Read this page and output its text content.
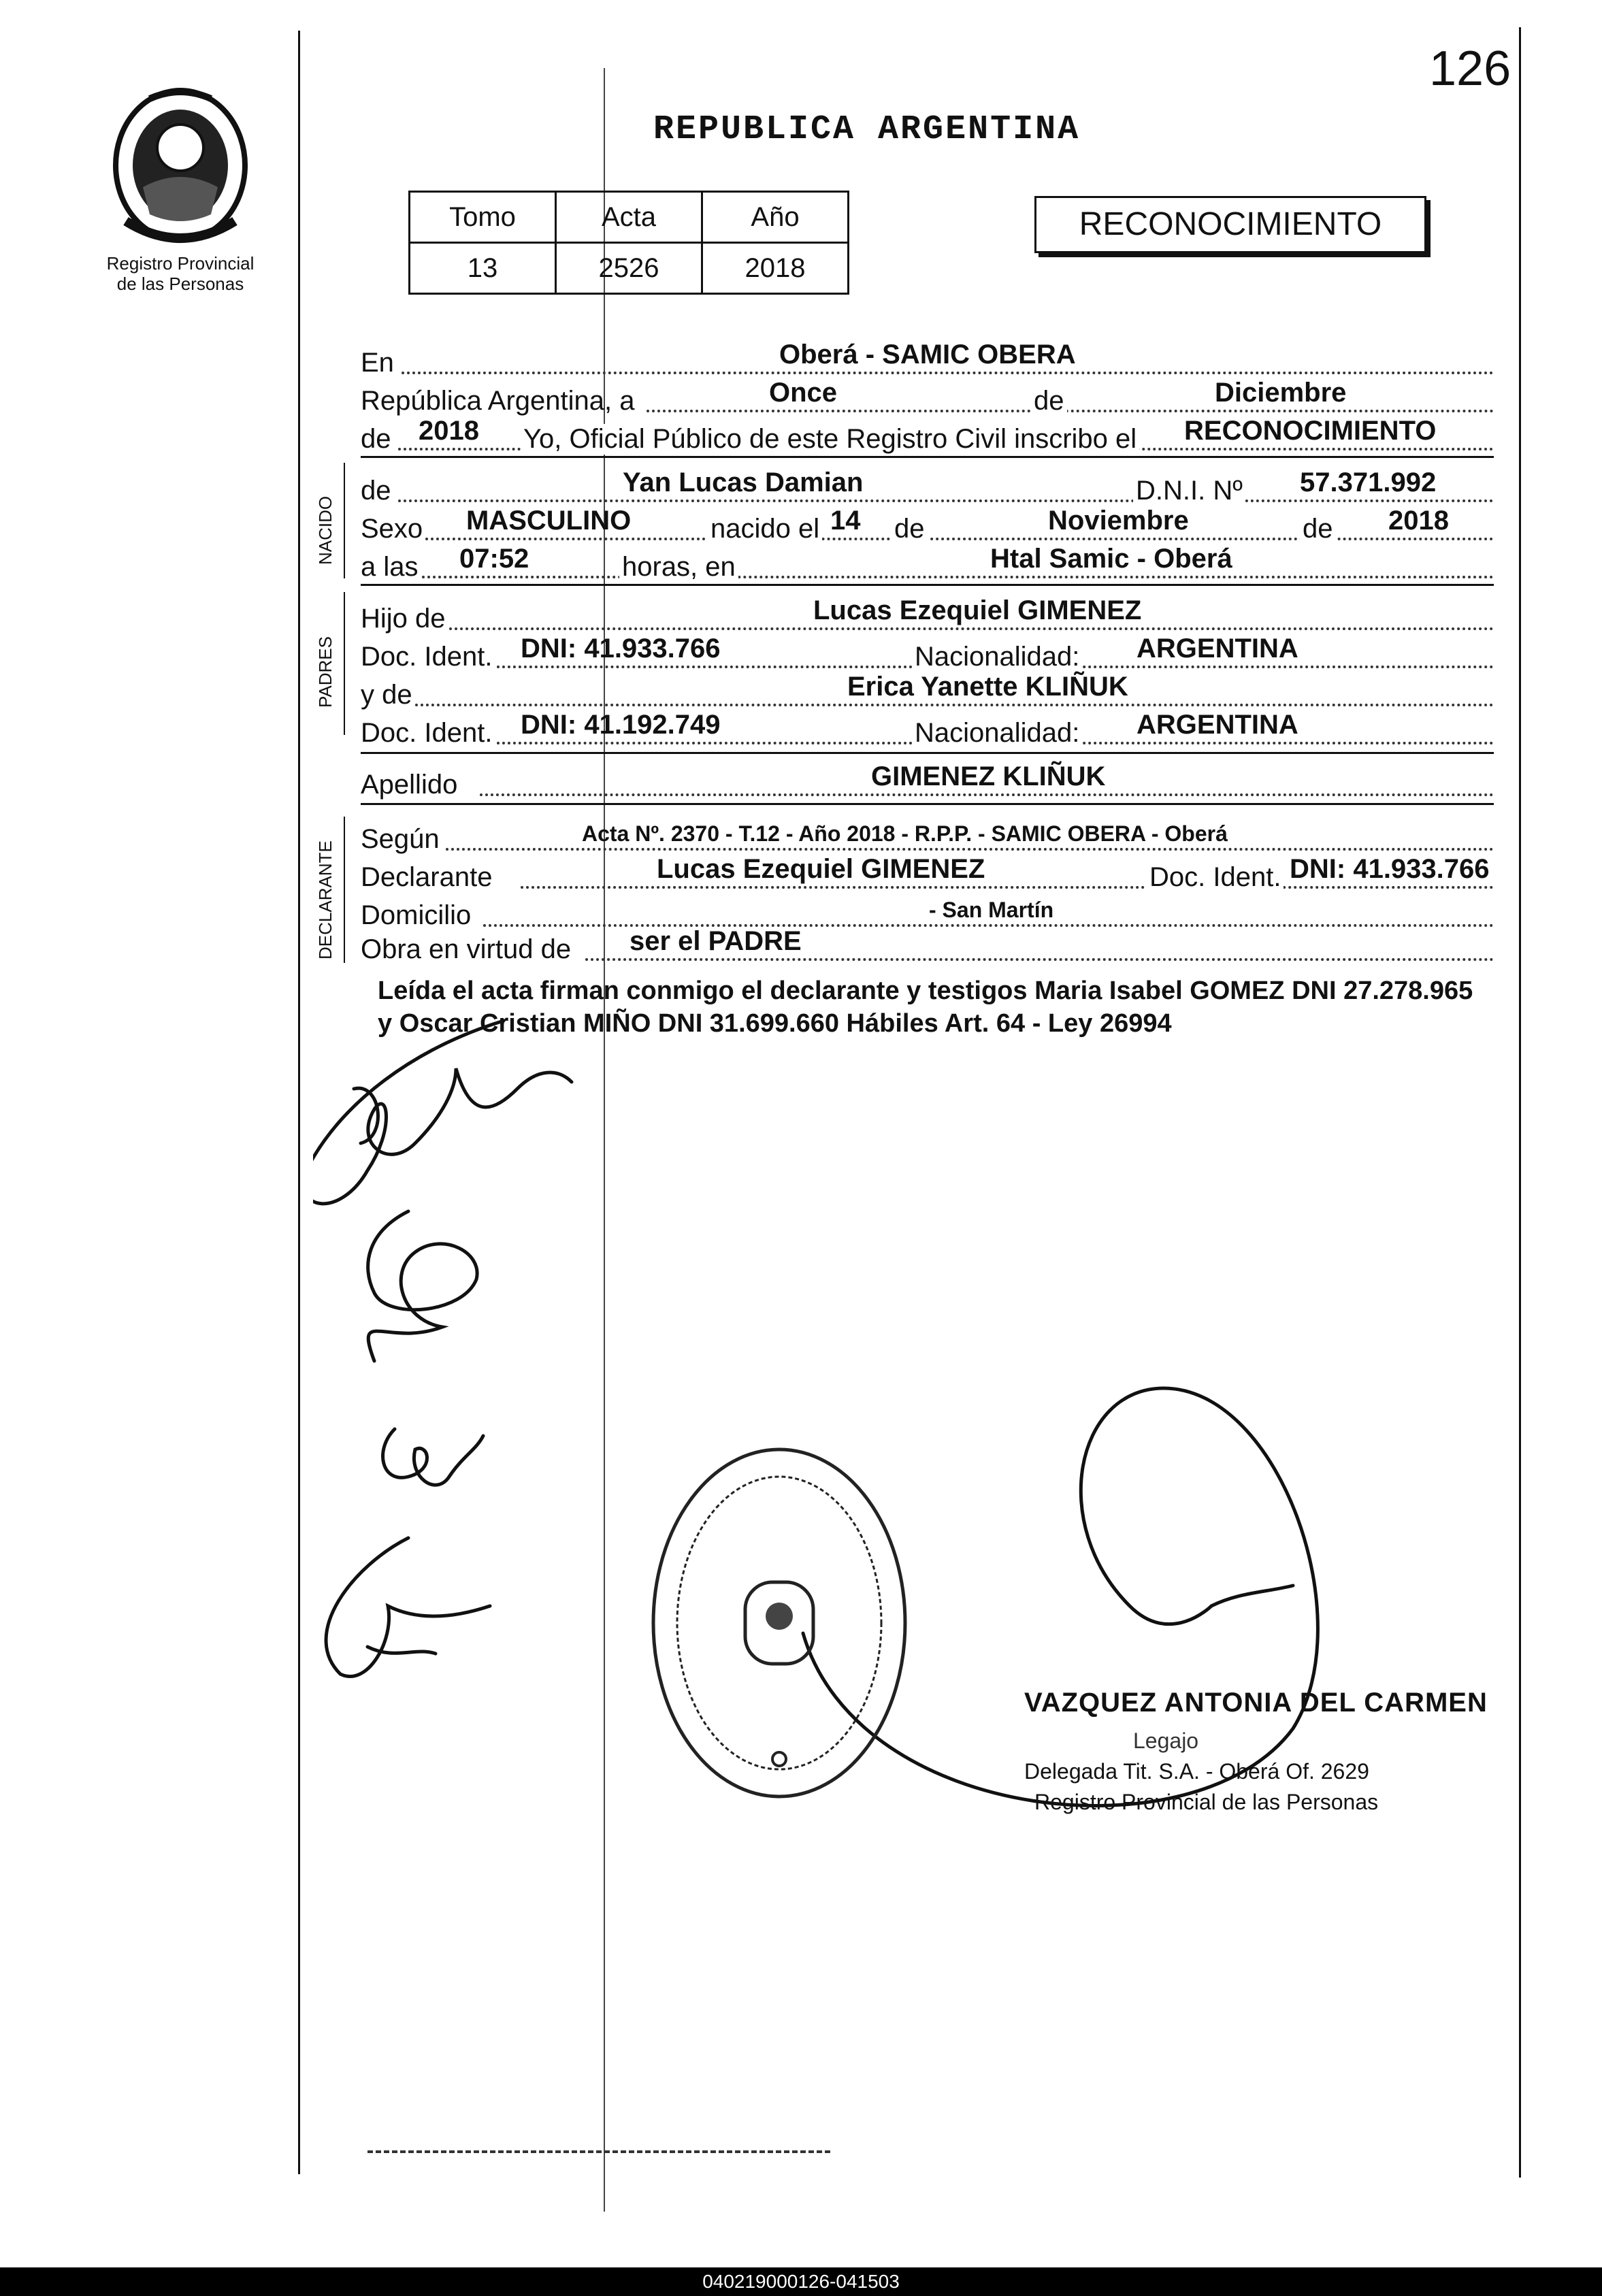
Registro Provincial
de las Personas
126
REPUBLICA ARGENTINA
Tomo	Acta	Año
13	2526	2018
RECONOCIMIENTO
En	Oberá - SAMIC OBERA
República Argentina, a	Once	de	Diciembre
de 2018 Yo, Oficial Público de este Registro Civil inscribo el RECONOCIMIENTO
NACIDO
de	Yan Lucas Damian	D.N.I. Nº 57.371.992
Sexo MASCULINO	nacido el 14 de	Noviembre	de 2018
a las 07:52	horas, en	Htal Samic - Oberá
PADRES
Hijo de	Lucas Ezequiel GIMENEZ
Doc. Ident. DNI: 41.933.766	Nacionalidad: ARGENTINA
y de	Erica Yanette KLIÑUK
Doc. Ident. DNI: 41.192.749	Nacionalidad: ARGENTINA
Apellido	GIMENEZ KLIÑUK
DECLARANTE
Según	Acta Nº. 2370 - T.12 - Año 2018 - R.P.P. - SAMIC OBERA - Oberá
Declarante	Lucas Ezequiel GIMENEZ	Doc. Ident. DNI: 41.933.766
Domicilio	- San Martín
Obra en virtud de ser el PADRE
Leída el acta firman conmigo el declarante y testigos Maria Isabel GOMEZ DNI 27.278.965 y Oscar Cristian MIÑO DNI 31.699.660 Hábiles Art. 64 - Ley 26994
VAZQUEZ ANTONIA DEL CARMEN
Legajo
Delegada Tit. S.A. - Oberá Of. 2629
Registro Provincial de las Personas
040219000126-041503
